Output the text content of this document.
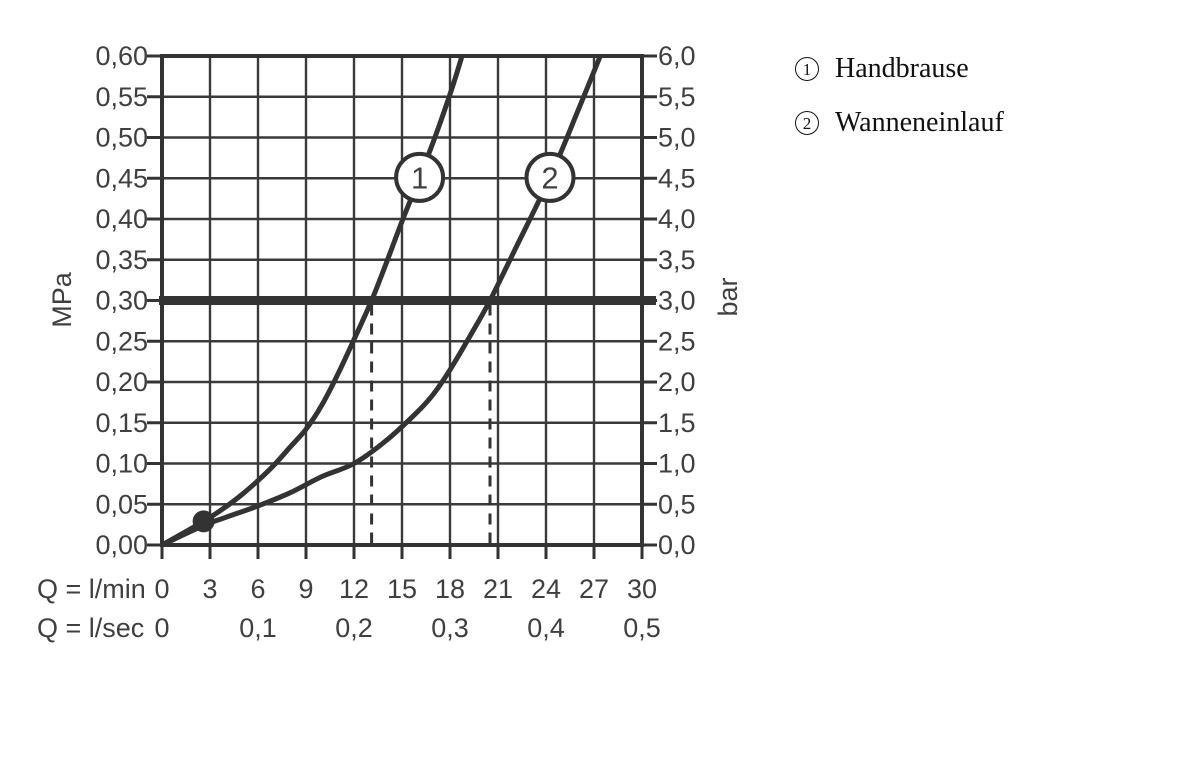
0,60
0,55
0,50
0,45
0,40
0,35
0,30
0,25
0,20
0,15
0,10
0,05
0,00
6,0
5,5
5,0
4,5
4,0
3,5
3,0
2,5
2,0
1,5
1,0
0,5
0,0
0 3 6 9 12 15 18 21 24 27 30
0	0,1 0,2 0,3 0,4 0,5
Q = l/min
Q = l/sec
MPa	bar
1	2
1 Handbrause
2 Wanneneinlauf
